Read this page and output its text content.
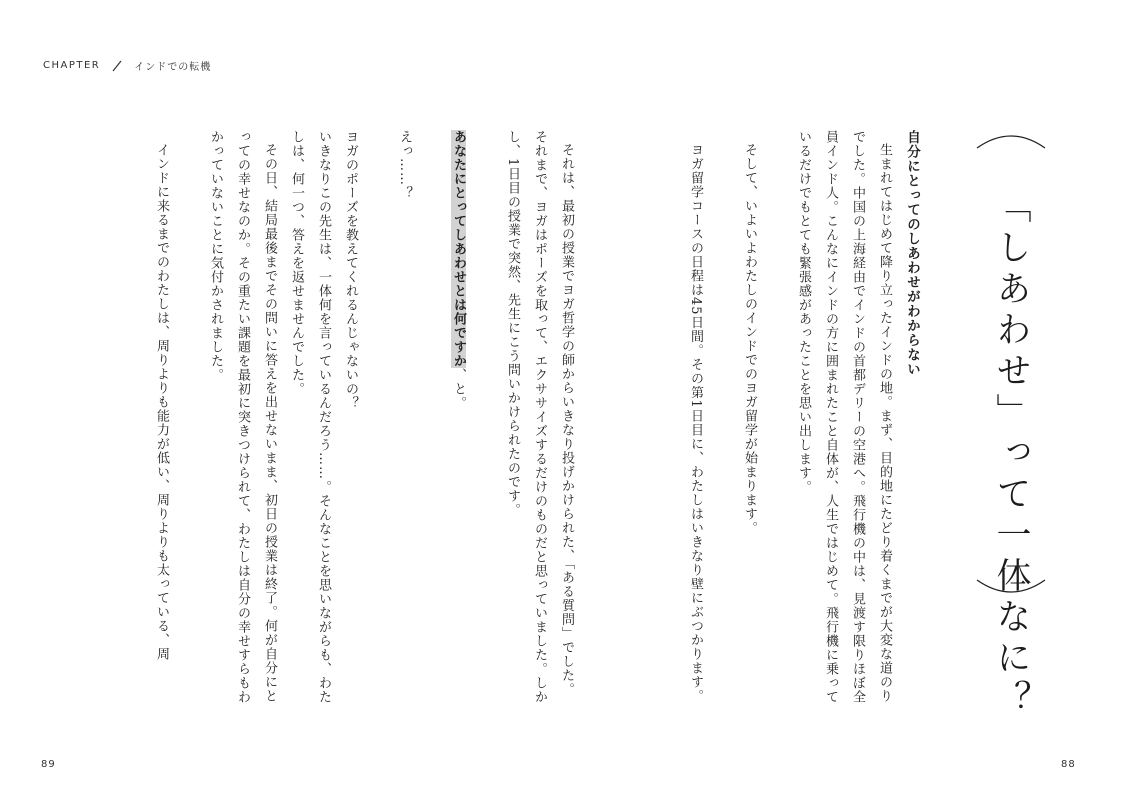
CHAPTER	インドでの転機
「しあわせ」って一体なに？
自分にとってのしあわせがわからない

生まれてはじめて降り立ったインドの地。まず、目的地にたどり着くまでが大変な道のりでした。中国の上海経由でインドの首都デリーの空港へ。飛行機の中は、見渡す限りほぼ全員インド人。こんなにインドの方に囲まれたこと自体が、人生ではじめて。飛行機に乗っているだけでもとても緊張感があったことを思い出します。

そして、いよいよわたしのインドでのヨガ留学が始まります。

ヨガ留学コースの日程は45日間。その第1日目に、わたしはいきなり壁にぶつかります。

それは、最初の授業でヨガ哲学の師からいきなり投げかけられた、「ある質問」でした。それまで、ヨガはポーズを取って、エクササイズするだけのものだと思っていました。しかし、1日目の授業で突然、先生にこう問いかけられたのです。

あなたにとってしあわせとは何ですか、と。

えっ……？

ヨガのポーズを教えてくれるんじゃないの？

いきなりこの先生は、一体何を言っているんだろう……。そんなことを思いながらも、わたしは、何一つ、答えを返せませんでした。

その日、結局最後までその問いに答えを出せないまま、初日の授業は終了。何が自分にとっての幸せなのか。その重たい課題を最初に突きつけられて、わたしは自分の幸せすらもわかっていないことに気付かされました。

インドに来るまでのわたしは、周りよりも能力が低い、周りよりも太っている、周

89	88
